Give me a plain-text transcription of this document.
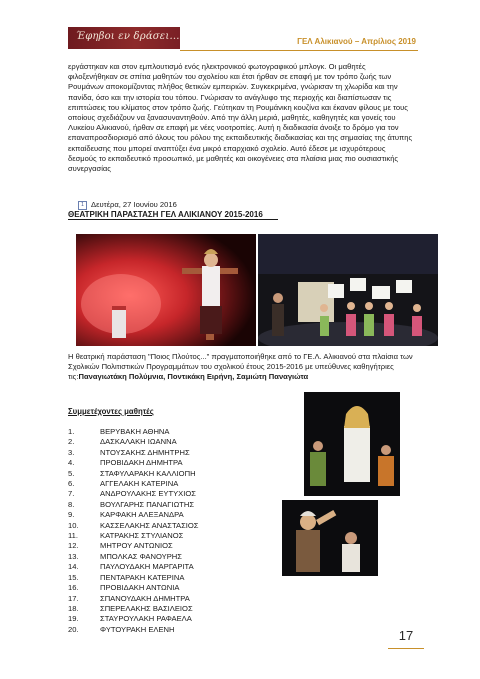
Έφηβοι εν δράσει...	ΓΕΛ Αλικιανού – Απρίλιος 2019

εργάστηκαν και στον εμπλουτισμό ενός ηλεκτρονικού φωτογραφικού μπλογκ. Οι μαθητές φιλοξενήθηκαν σε σπίτια μαθητών του σχολείου και έτσι ήρθαν σε επαφή με τον τρόπο ζωής των Ρουμάνων αποκομίζοντας πλήθος θετικών εμπειριών. Συγκεκριμένα, γνώρισαν τη χλωρίδα και την πανίδα, όσο και την ιστορία του τόπου. Γνώρισαν το ανάγλυφο της περιοχής και διαπίστωσαν τις επιπτώσεις του κλίματος στον τρόπο ζωής. Γεύτηκαν τη Ρουμάνικη κουζίνα και έκαναν φίλους με τους οποίους σχεδιάζουν να ξανασυναντηθούν. Από την άλλη μεριά, μαθητές, καθηγητές και γονείς του Λυκείου Αλικιανού, ήρθαν σε επαφή με νέες νοοτροπίες. Αυτή η διαδικασία άνοιξε το δρόμο για τον επαναπροσδιορισμό από όλους του ρόλου της εκπαιδευτικής διαδικασίας και της σημασίας της άτυπης εκπαίδευσης που μπορεί αναπτύξει ένα μικρό επαρχιακό σχολείο. Αυτό έδεσε με ισχυρότερους δεσμούς το εκπαιδευτικό προσωπικό, με μαθητές και οικογένειες στα πλαίσια μιας πιο ουσιαστικής συνεργασίας

1 Δευτέρα, 27 Ιουνίου 2016
ΘΕΑΤΡΙΚΗ ΠΑΡΑΣΤΑΣΗ ΓΕΛ ΑΛΙΚΙΑΝΟΥ 2015-2016
Η θεατρική παράσταση "Ποιος Πλούτος..." πραγματοποιήθηκε από το ΓΕ.Λ. Αλικιανού στα πλαίσια των Σχολικών Πολιτιστικών Προγραμμάτων του σχολικού έτους 2015-2016 με υπεύθυνες καθηγήτριες τις:Παναγιωτάκη Πολύμνια, Ποντικάκη Ειρήνη, Σαμιώτη Παναγιώτα
Συμμετέχοντες μαθητές
1.	ΒΕΡΥΒΑΚΗ ΑΘΗΝΑ
2.	ΔΑΣΚΑΛΑΚΗ ΙΩΑΝΝΑ
3.	ΝΤΟΥΣΑΚΗΣ ΔΗΜΗΤΡΗΣ
4.	ΠΡΟΒΙΔΑΚΗ ΔΗΜΗΤΡΑ
5.	ΣΤΑΦΥΛΑΡΑΚΗ ΚΑΛΛΙΟΠΗ
6.	ΑΓΓΕΛΑΚΗ ΚΑΤΕΡΙΝΑ
7.	ΑΝΔΡΟΥΛΑΚΗΣ ΕΥΤΥΧΙΟΣ
8.	ΒΟΥΛΓΑΡΗΣ ΠΑΝΑΓΙΩΤΗΣ
9.	ΚΑΡΦΑΚΗ ΑΛΕΞΑΝΔΡΑ
10.	ΚΑΣΣΕΛΑΚΗΣ ΑΝΑΣΤΑΣΙΟΣ
11.	ΚΑΤΡΑΚΗΣ ΣΤΥΛΙΑΝΟΣ
12.	ΜΗΤΡΟΥ ΑΝΤΩΝΙΟΣ
13.	ΜΠΟΛΚΑΣ ΦΑΝΟΥΡΗΣ
14.	ΠΑΥΛΟΥΔΑΚΗ ΜΑΡΓΑΡΙΤΑ
15.	ΠΕΝΤΑΡΑΚΗ ΚΑΤΕΡΙΝΑ
16.	ΠΡΟΒΙΔΑΚΗ ΑΝΤΩΝΙΑ
17.	ΣΠΑΝΟΥΔΑΚΗ ΔΗΜΗΤΡΑ
18.	ΣΠΕΡΕΛΑΚΗΣ ΒΑΣΙΛΕΙΟΣ
19.	ΣΤΑΥΡΟΥΛΑΚΗ ΡΑΦΑΕΛΑ
20.	ΦΥΤΟΥΡΑΚΗ ΕΛΕΝΗ	17
